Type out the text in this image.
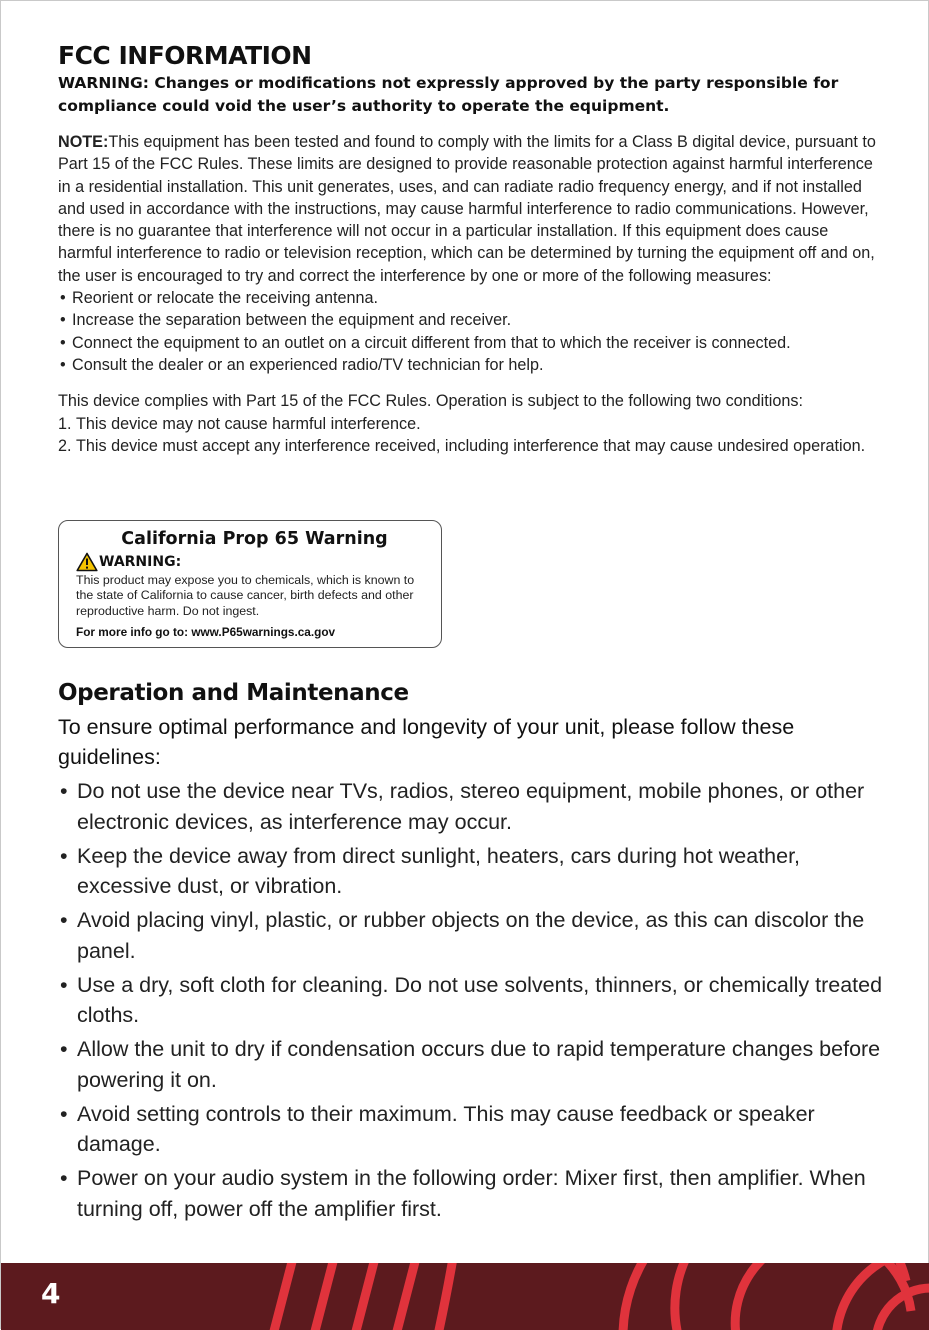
FCC INFORMATION

WARNING: Changes or modifications not expressly approved by the party responsible for compliance could void the user’s authority to operate the equipment.

NOTE:This equipment has been tested and found to comply with the limits for a Class B digital device, pursuant to Part 15 of the FCC Rules. These limits are designed to provide reasonable protection against harmful interference in a residential installation. This unit generates, uses, and can radiate radio frequency energy, and if not installed and used in accordance with the instructions, may cause harmful interference to radio communications. However, there is no guarantee that interference will not occur in a particular installation. If this equipment does cause harmful interference to radio or television reception, which can be determined by turning the equipment off and on, the user is encouraged to try and correct the interference by one or more of the following measures:
• Reorient or relocate the receiving antenna.
• Increase the separation between the equipment and receiver.
• Connect the equipment to an outlet on a circuit different from that to which the receiver is connected.
• Consult the dealer or an experienced radio/TV technician for help.
This device complies with Part 15 of the FCC Rules. Operation is subject to the following two conditions:
1. This device may not cause harmful interference.
2. This device must accept any interference received, including interference that may cause undesired operation.
California Prop 65 Warning
WARNING:
This product may expose you to chemicals, which is known to the state of California to cause cancer, birth defects and other reproductive harm. Do not ingest.
For more info go to: www.P65warnings.ca.gov
Operation and Maintenance
To ensure optimal performance and longevity of your unit, please follow these guidelines:
• Do not use the device near TVs, radios, stereo equipment, mobile phones, or other electronic devices, as interference may occur.
• Keep the device away from direct sunlight, heaters, cars during hot weather, excessive dust, or vibration.
• Avoid placing vinyl, plastic, or rubber objects on the device, as this can discolor the panel.
• Use a dry, soft cloth for cleaning. Do not use solvents, thinners, or chemically treated cloths.
• Allow the unit to dry if condensation occurs due to rapid temperature changes before powering it on.
• Avoid setting controls to their maximum. This may cause feedback or speaker damage.
• Power on your audio system in the following order: Mixer first, then amplifier. When turning off, power off the amplifier first.
4
